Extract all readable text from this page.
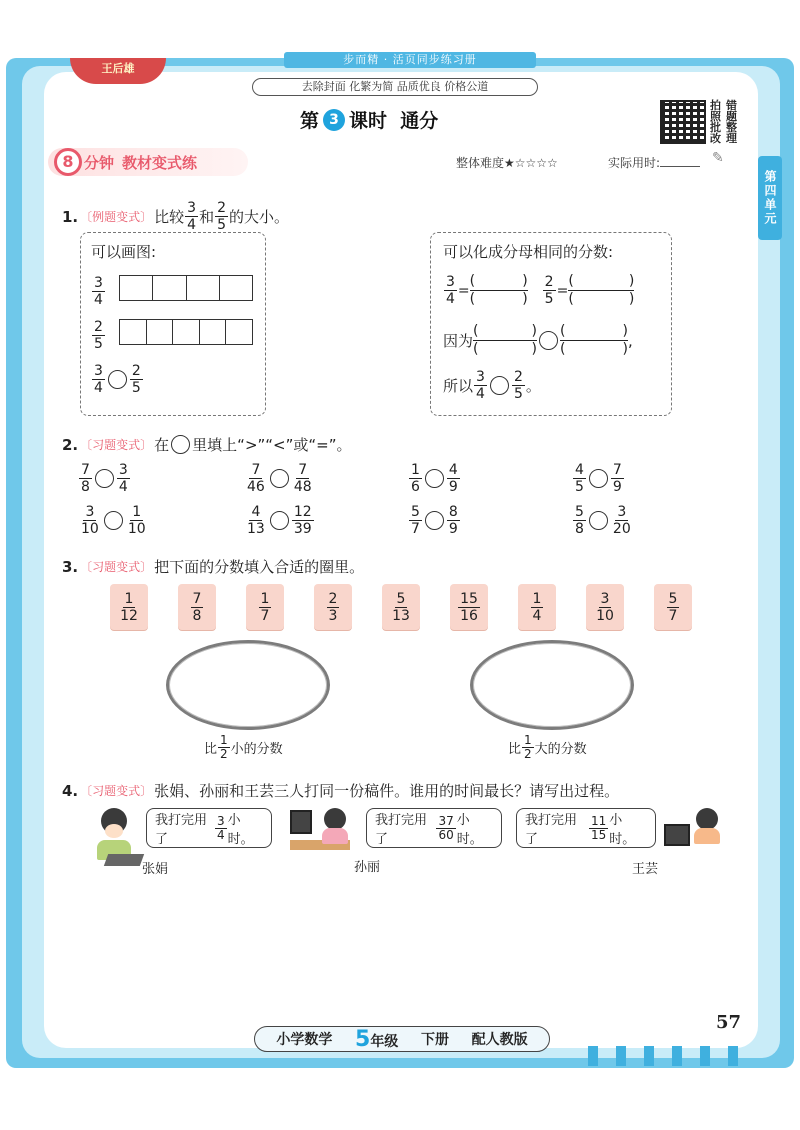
王后雄
步而精 · 活页同步练习册
去除封面 化繁为简 品质优良 价格公道
第 3 课时  通分
拍 错
照 题
批 整
改 理
第四单元
8 分钟 教材变式练	整体难度★☆☆☆☆	实际用时:	✎
1. 〔例题变式〕 比较 $\frac{3}{4}$ 和 $\frac{2}{5}$ 的大小。
可以画图:
$\frac{3}{4}$
$\frac{2}{5}$
$\frac{3}{4} \frac{2}{5}$
可以化成分母相同的分数:
$\frac{3}{4}$ = (	)
(	) $\frac{2}{5}$ = (	)
(	)
因为 (	)
(	) (	)
(	) ,
所以 $\frac{3}{4} \frac{2}{5}$ 。
2. 〔习题变式〕 在 里填上“>”“<”或“=”。
$\frac{7}{8} \frac{3}{4}$	$\frac{7}{46} \frac{7}{48}$	$\frac{1}{6} \frac{4}{9}$	$\frac{4}{5} \frac{7}{9}$
$\frac{3}{10} \frac{1}{10}$	$\frac{4}{13} \frac{12}{39}$	$\frac{5}{7} \frac{8}{9}$	$\frac{5}{8} \frac{3}{20}$
3. 〔习题变式〕 把下面的分数填入合适的圈里。
$\frac{1}{12}$	$\frac{7}{8}$	$\frac{1}{7}$	$\frac{2}{3}$	$\frac{5}{13}$	$\frac{15}{16}$	$\frac{1}{4}$	$\frac{3}{10}$	$\frac{5}{7}$
比 $\frac{1}{2}$ 小的分数	比 $\frac{1}{2}$ 大的分数
4. 〔习题变式〕 张娟、孙丽和王芸三人打同一份稿件。谁用的时间最长？请写出过程。
我打完用了	$\frac{3}{4}$ 小时。
张娟
我打完用了	$\frac{37}{60}$ 小时。
孙丽
我打完用了	$\frac{11}{15}$ 小时。
王芸
57
小学数学 5年级 下册 配人教版
